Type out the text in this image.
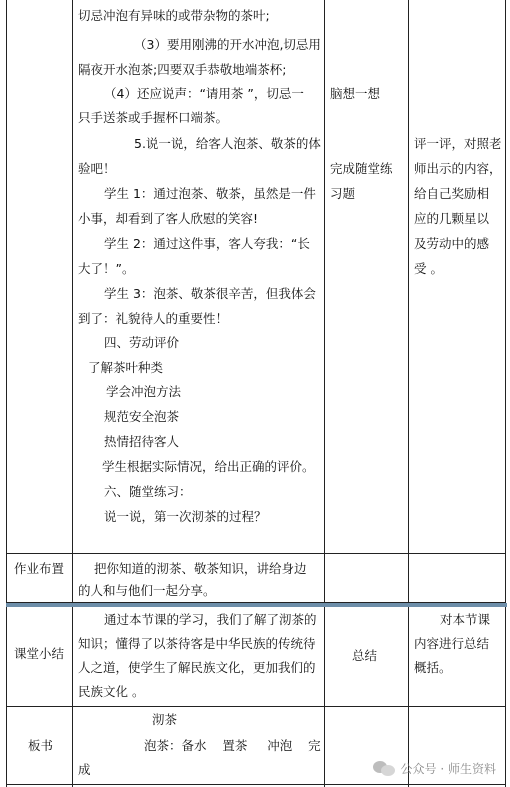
切忌冲泡有异味的或带杂物的茶叶;
（3）要用刚沸的开水冲泡,切忌用
隔夜开水泡茶;四要双手恭敬地端茶杯;
（4）还应说声：“请用茶 ”，切忌一
只手送茶或手握杯口端茶。
5.说一说，给客人泡茶、敬茶的体
验吧！
学生 1：通过泡茶、敬茶，虽然是一件
小事，却看到了客人欣慰的笑容!
学生 2：通过这件事，客人夸我：“长
大了！”。
学生 3：泡茶、敬茶很辛苦，但我体会
到了：礼貌待人的重要性！
四、劳动评价
了解茶叶种类
学会冲泡方法
规范安全泡茶
热情招待客人
学生根据实际情况，给出正确的评价。
六、随堂练习：
说一说，第一次沏茶的过程？
脑想一想
完成随堂练
习题
评一评，对照老
师出示的内容，
给自己奖励相
应的几颗星以
及劳动中的感
受 。
作业布置 把你知道的沏茶、敬茶知识，讲给身边
的人和与他们一起分享。
课堂小结
通过本节课的学习，我们了解了沏茶的
知识；懂得了以茶待客是中华民族的传统待
人之道，使学生了解民族文化，更加我们的
民族文化 。
总结
对本节课
内容进行总结
概括。
板书
沏茶
泡茶：备水    置茶     冲泡    完
成	公众号 · 师生资料
